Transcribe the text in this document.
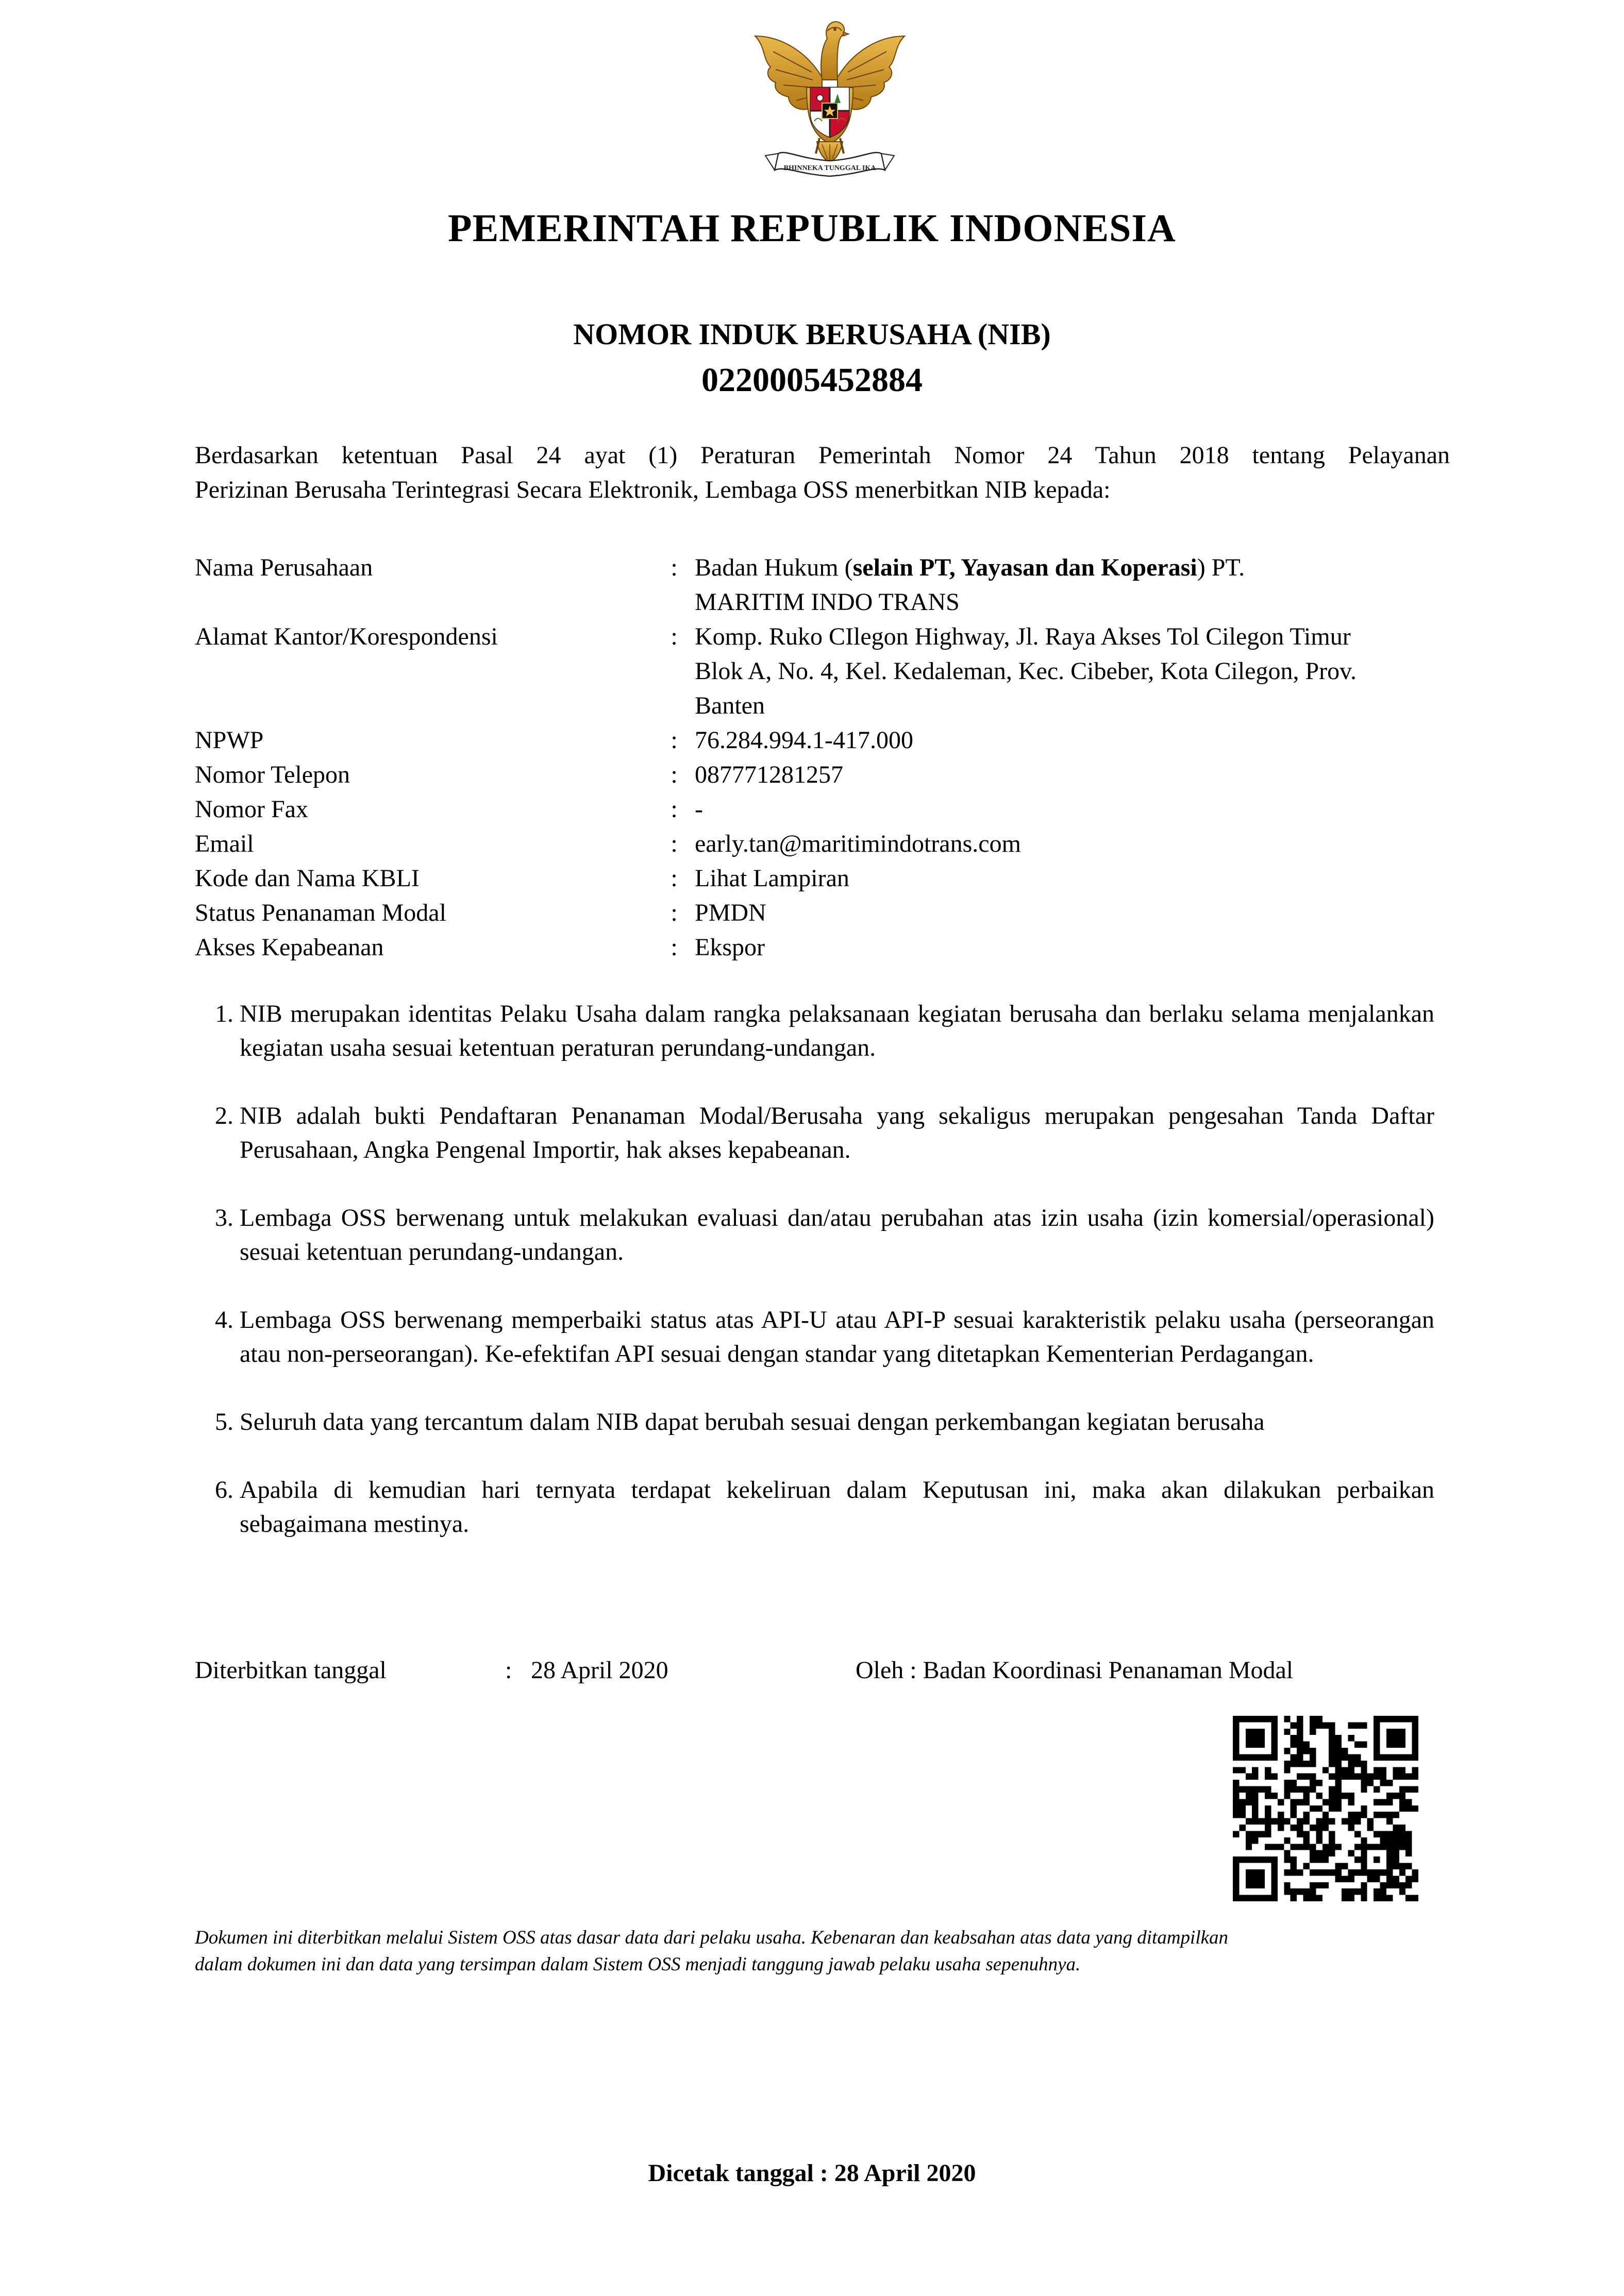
BHINNEKA TUNGGAL IKA
PEMERINTAH REPUBLIK INDONESIA
NOMOR INDUK BERUSAHA (NIB)
0220005452884
Berdasarkan ketentuan Pasal 24 ayat (1) Peraturan Pemerintah Nomor 24 Tahun 2018 tentang Pelayanan
Perizinan Berusaha Terintegrasi Secara Elektronik, Lembaga OSS menerbitkan NIB kepada:
Nama Perusahaan	: Badan Hukum (selain PT, Yayasan dan Koperasi) PT.
MARITIM INDO TRANS
Alamat Kantor/Korespondensi	: Komp. Ruko CIlegon Highway, Jl. Raya Akses Tol Cilegon Timur
Blok A, No. 4, Kel. Kedaleman, Kec. Cibeber, Kota Cilegon, Prov.
Banten
NPWP	: 76.284.994.1-417.000
Nomor Telepon	: 087771281257
Nomor Fax	: -
Email	: early.tan@maritimindotrans.com
Kode dan Nama KBLI	: Lihat Lampiran
Status Penanaman Modal	: PMDN
Akses Kepabeanan	: Ekspor
1. NIB merupakan identitas Pelaku Usaha dalam rangka pelaksanaan kegiatan berusaha dan berlaku selama menjalankan kegiatan usaha sesuai ketentuan peraturan perundang-undangan.
2. NIB adalah bukti Pendaftaran Penanaman Modal/Berusaha yang sekaligus merupakan pengesahan Tanda Daftar Perusahaan, Angka Pengenal Importir, hak akses kepabeanan.
3. Lembaga OSS berwenang untuk melakukan evaluasi dan/atau perubahan atas izin usaha (izin komersial/operasional) sesuai ketentuan perundang-undangan.
4. Lembaga OSS berwenang memperbaiki status atas API-U atau API-P sesuai karakteristik pelaku usaha (perseorangan atau non-perseorangan). Ke-efektifan API sesuai dengan standar yang ditetapkan Kementerian Perdagangan.
5. Seluruh data yang tercantum dalam NIB dapat berubah sesuai dengan perkembangan kegiatan berusaha
6. Apabila di kemudian hari ternyata terdapat kekeliruan dalam Keputusan ini, maka akan dilakukan perbaikan sebagaimana mestinya.
Diterbitkan tanggal	: 28 April 2020	Oleh : Badan Koordinasi Penanaman Modal
Dokumen ini diterbitkan melalui Sistem OSS atas dasar data dari pelaku usaha. Kebenaran dan keabsahan atas data yang ditampilkan
dalam dokumen ini dan data yang tersimpan dalam Sistem OSS menjadi tanggung jawab pelaku usaha sepenuhnya.
Dicetak tanggal : 28 April 2020
